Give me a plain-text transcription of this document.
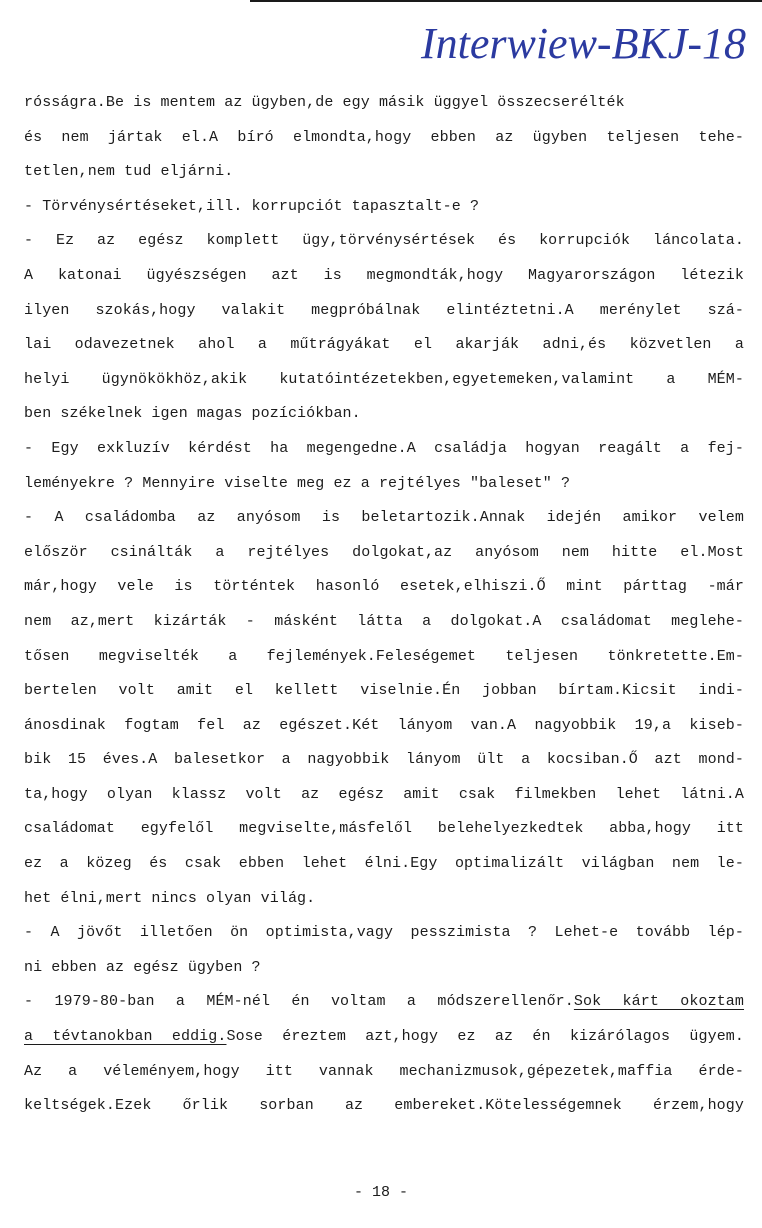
Interwiew-BKJ-18
rósságra.Be is mentem az ügyben,de egy másik üggyel összecserélték
és nem jártak el.A bíró elmondta,hogy ebben az ügyben teljesen tehe-
tetlen,nem tud eljárni.
- Törvénysértéseket,ill. korrupciót tapasztalt-e ?
- Ez az egész komplett ügy,törvénysértések és korrupciók láncolata.
A katonai ügyészségen azt is megmondták,hogy Magyarországon létezik
ilyen szokás,hogy valakit megpróbálnak elintéztetni.A merénylet szá-
lai odavezetnek ahol a műtrágyákat el akarják adni,és közvetlen a
helyi ügynökökhöz,akik kutatóintézetekben,egyetemeken,valamint a MÉM-
ben székelnek igen magas pozíciókban.
- Egy exkluzív kérdést ha megengedne.A családja hogyan reagált a fej-
leményekre ? Mennyire viselte meg ez a rejtélyes "baleset" ?
- A családomba az anyósom is beletartozik.Annak idején amikor velem
először csinálták a rejtélyes dolgokat,az anyósom nem hitte el.Most
már,hogy vele is történtek hasonló esetek,elhiszi.Ő mint párttag -már
nem az,mert kizárták - másként látta a dolgokat.A családomat meglehe-
tősen megviselték a fejlemények.Feleségemet teljesen tönkretette.Em-
bertelen volt amit el kellett viselnie.Én jobban bírtam.Kicsit indi-
ánosdinak fogtam fel az egészet.Két lányom van.A nagyobbik 19,a kiseb-
bik 15 éves.A balesetkor a nagyobbik lányom ült a kocsiban.Ő azt mond-
ta,hogy olyan klassz volt az egész amit csak filmekben lehet látni.A
családomat egyfelől megviselte,másfelől belehelyezkedtek abba,hogy itt
ez a közeg és csak ebben lehet élni.Egy optimalizált világban nem le-
het élni,mert nincs olyan világ.
- A jövőt illetően ön optimista,vagy pesszimista ? Lehet-e tovább lép-
ni ebben az egész ügyben ?
- 1979-80-ban a MÉM-nél én voltam a módszerellenőr.Sok kárt okoztam
a tévtanokban eddig.Sose éreztem azt,hogy ez az én kizárólagos ügyem.
Az a véleményem,hogy itt vannak mechanizmusok,gépezetek,maffia érde-
keltségek.Ezek őrlik sorban az embereket.Kötelességemnek érzem,hogy
- 18 -
